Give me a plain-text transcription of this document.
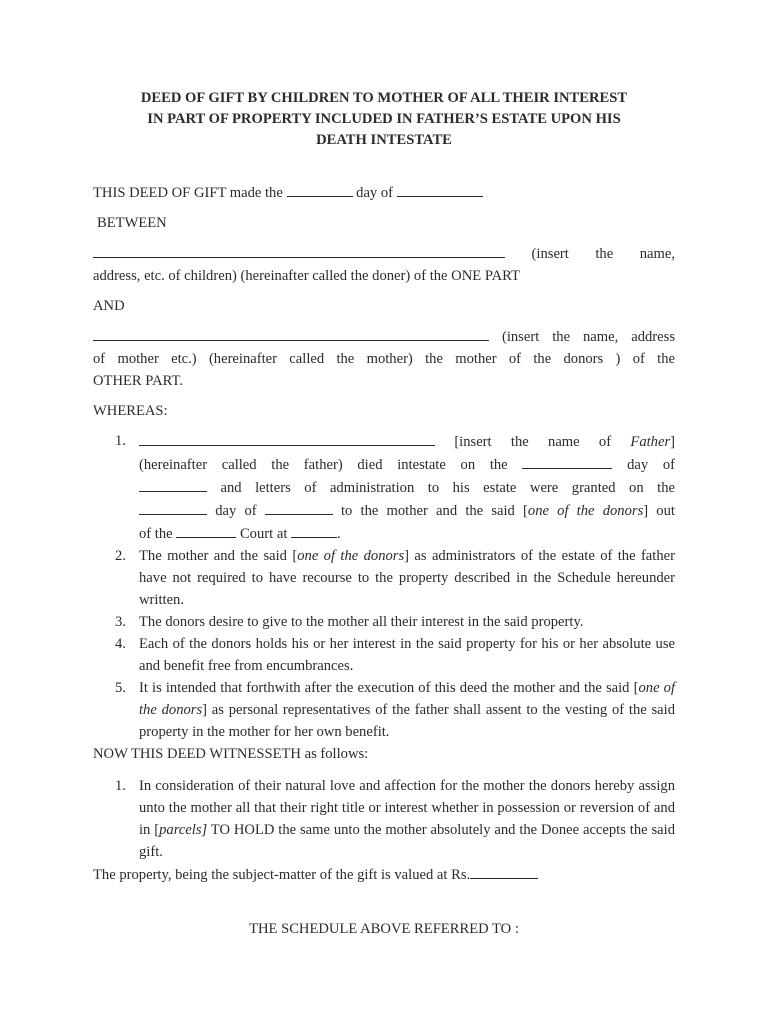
DEED OF GIFT BY CHILDREN TO MOTHER OF ALL THEIR INTEREST
IN PART OF PROPERTY INCLUDED IN FATHER’S ESTATE UPON HIS
DEATH INTESTATE

THIS DEED OF GIFT made the	day of

BETWEEN

(insert the name,

address, etc. of children) (hereinafter called the doner) of the ONE PART

AND

(insert the name, address

of mother etc.) (hereinafter called the mother) the mother of the donors ) of the

OTHER PART.

WHEREAS:

1.	[insert the name of Father]
(hereinafter called the father) died intestate on the	day of
and letters of administration to his estate were granted on the
day of	to the mother and the said [one of the donors] out
of the	Court at	.
2. The mother and the said [one of the donors] as administrators of the estate of the father have not required to have recourse to the property described in the Schedule hereunder written.
3. The donors desire to give to the mother all their interest in the said property.
4. Each of the donors holds his or her interest in the said property for his or her absolute use and benefit free from encumbrances.
5. It is intended that forthwith after the execution of this deed the mother and the said [one of the donors] as personal representatives of the father shall assent to the vesting of the said property in the mother for her own benefit.

NOW THIS DEED WITNESSETH as follows:

1. In consideration of their natural love and affection for the mother the donors hereby assign unto the mother all that their right title or interest whether in possession or reversion of and in [parcels] TO HOLD the same unto the mother absolutely and the Donee accepts the said gift.

The property, being the subject-matter of the gift is valued at Rs.

THE SCHEDULE ABOVE REFERRED TO :
